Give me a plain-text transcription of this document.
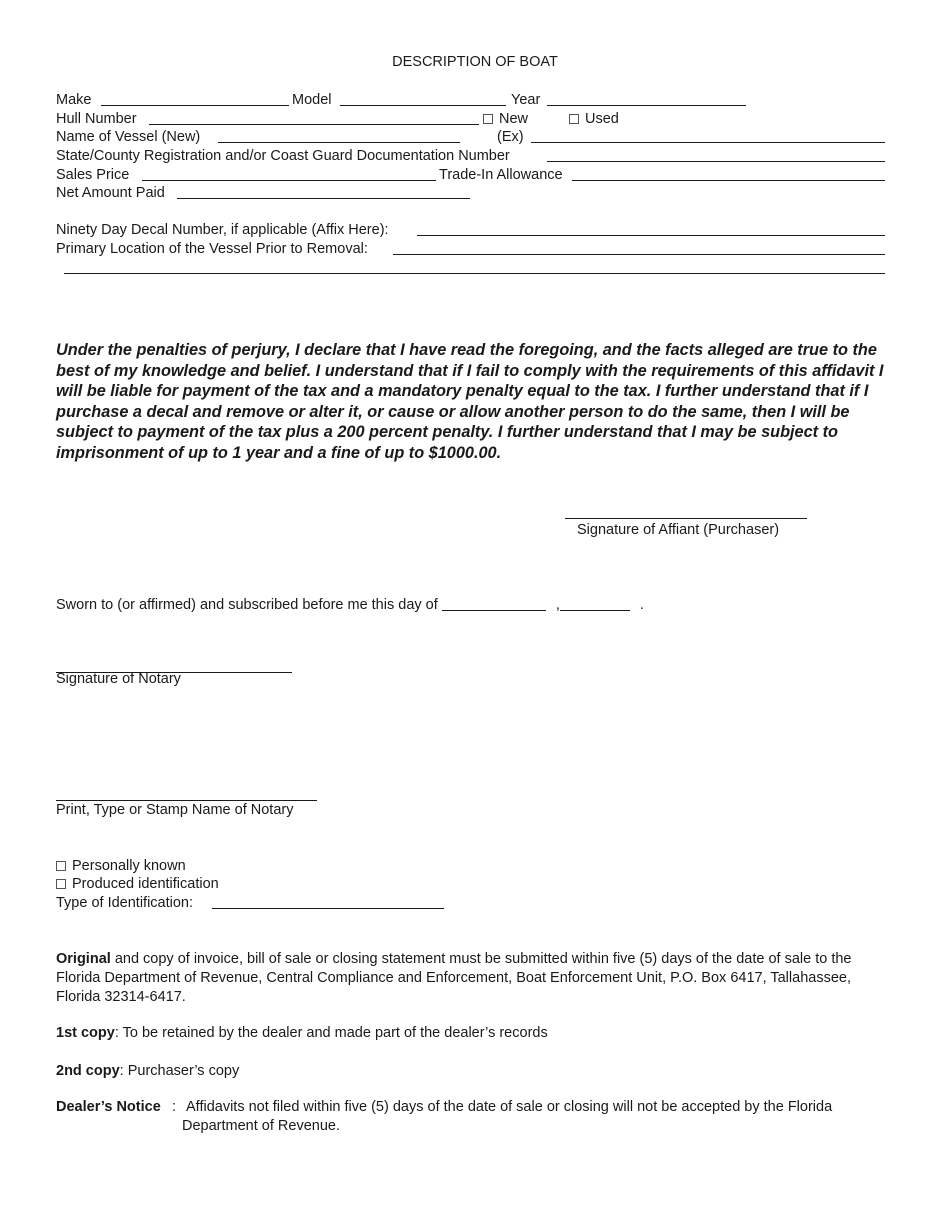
DESCRIPTION OF BOAT
Make	Model	Year
Hull Number	New	Used
Name of Vessel (New)	(Ex)
State/County Registration and/or Coast Guard Documentation Number
Sales Price	Trade-In Allowance
Net Amount Paid
Ninety Day Decal Number, if applicable (Affix Here):
Primary Location of the Vessel Prior to Removal:
Under the penalties of perjury, I declare that I have read the foregoing, and the facts alleged are true to the best of my knowledge and belief. I understand that if I fail to comply with the requirements of this affidavit I will be liable for payment of the tax and a mandatory penalty equal to the tax. I further understand that if I purchase a decal and remove or alter it, or cause or allow another person to do the same, then I will be subject to payment of the tax plus a 200 percent penalty. I further understand that I may be subject to imprisonment of up to 1 year and a fine of up to $1000.00.
Signature of Affiant (Purchaser)
Sworn to (or affirmed) and subscribed before me this day of	,	.
Signature of Notary
Print, Type or Stamp Name of Notary
Personally known
Produced identification
Type of Identification:
Original and copy of invoice, bill of sale or closing statement must be submitted within five (5) days of the date of sale to the Florida Department of Revenue, Central Compliance and Enforcement, Boat Enforcement Unit, P.O. Box 6417, Tallahassee, Florida 32314-6417.
1st copy: To be retained by the dealer and made part of the dealer’s records
2nd copy: Purchaser’s copy
Dealer’s Notice : Affidavits not filed within five (5) days of the date of sale or closing will not be accepted by the Florida
Department of Revenue.
